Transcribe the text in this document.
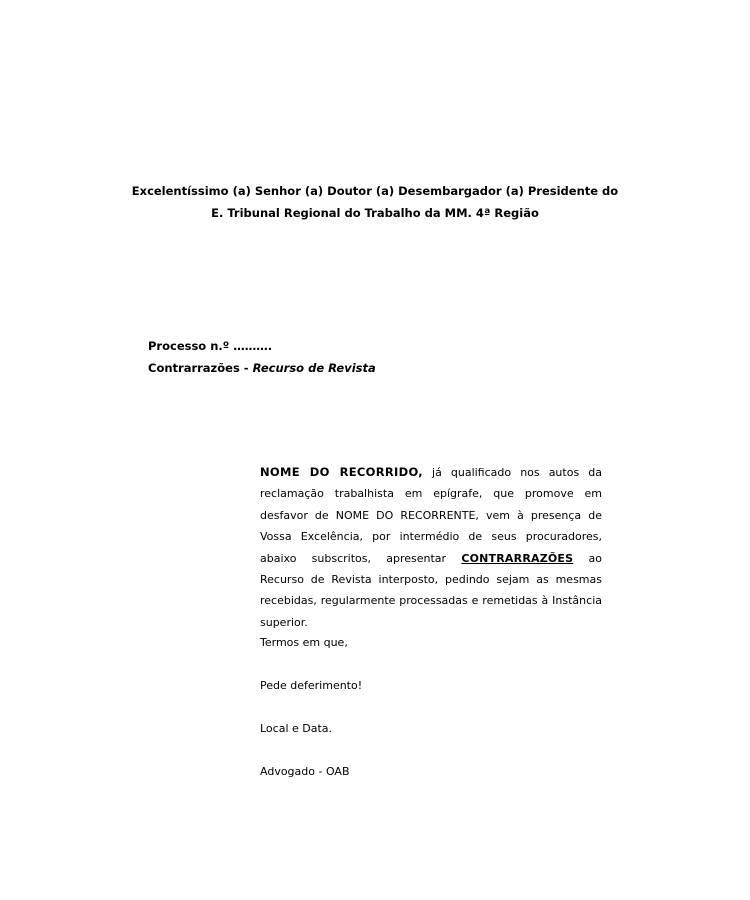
Excelentíssimo (a) Senhor (a) Doutor (a) Desembargador (a) Presidente do
E. Tribunal Regional do Trabalho da MM. 4ª Região
Processo n.º ……….
Contrarrazões - Recurso de Revista

NOME DO RECORRIDO, já qualificado nos autos da reclamação trabalhista em epígrafe, que promove em desfavor de NOME DO RECORRENTE, vem à presença de Vossa Excelência, por intermédio de seus procuradores, abaixo subscritos, apresentar CONTRARRAZÕES ao Recurso de Revista interposto, pedindo sejam as mesmas recebidas, regularmente processadas e remetidas à Instância superior.

Termos em que,
Pede deferimento!
Local e Data.
Advogado - OAB
